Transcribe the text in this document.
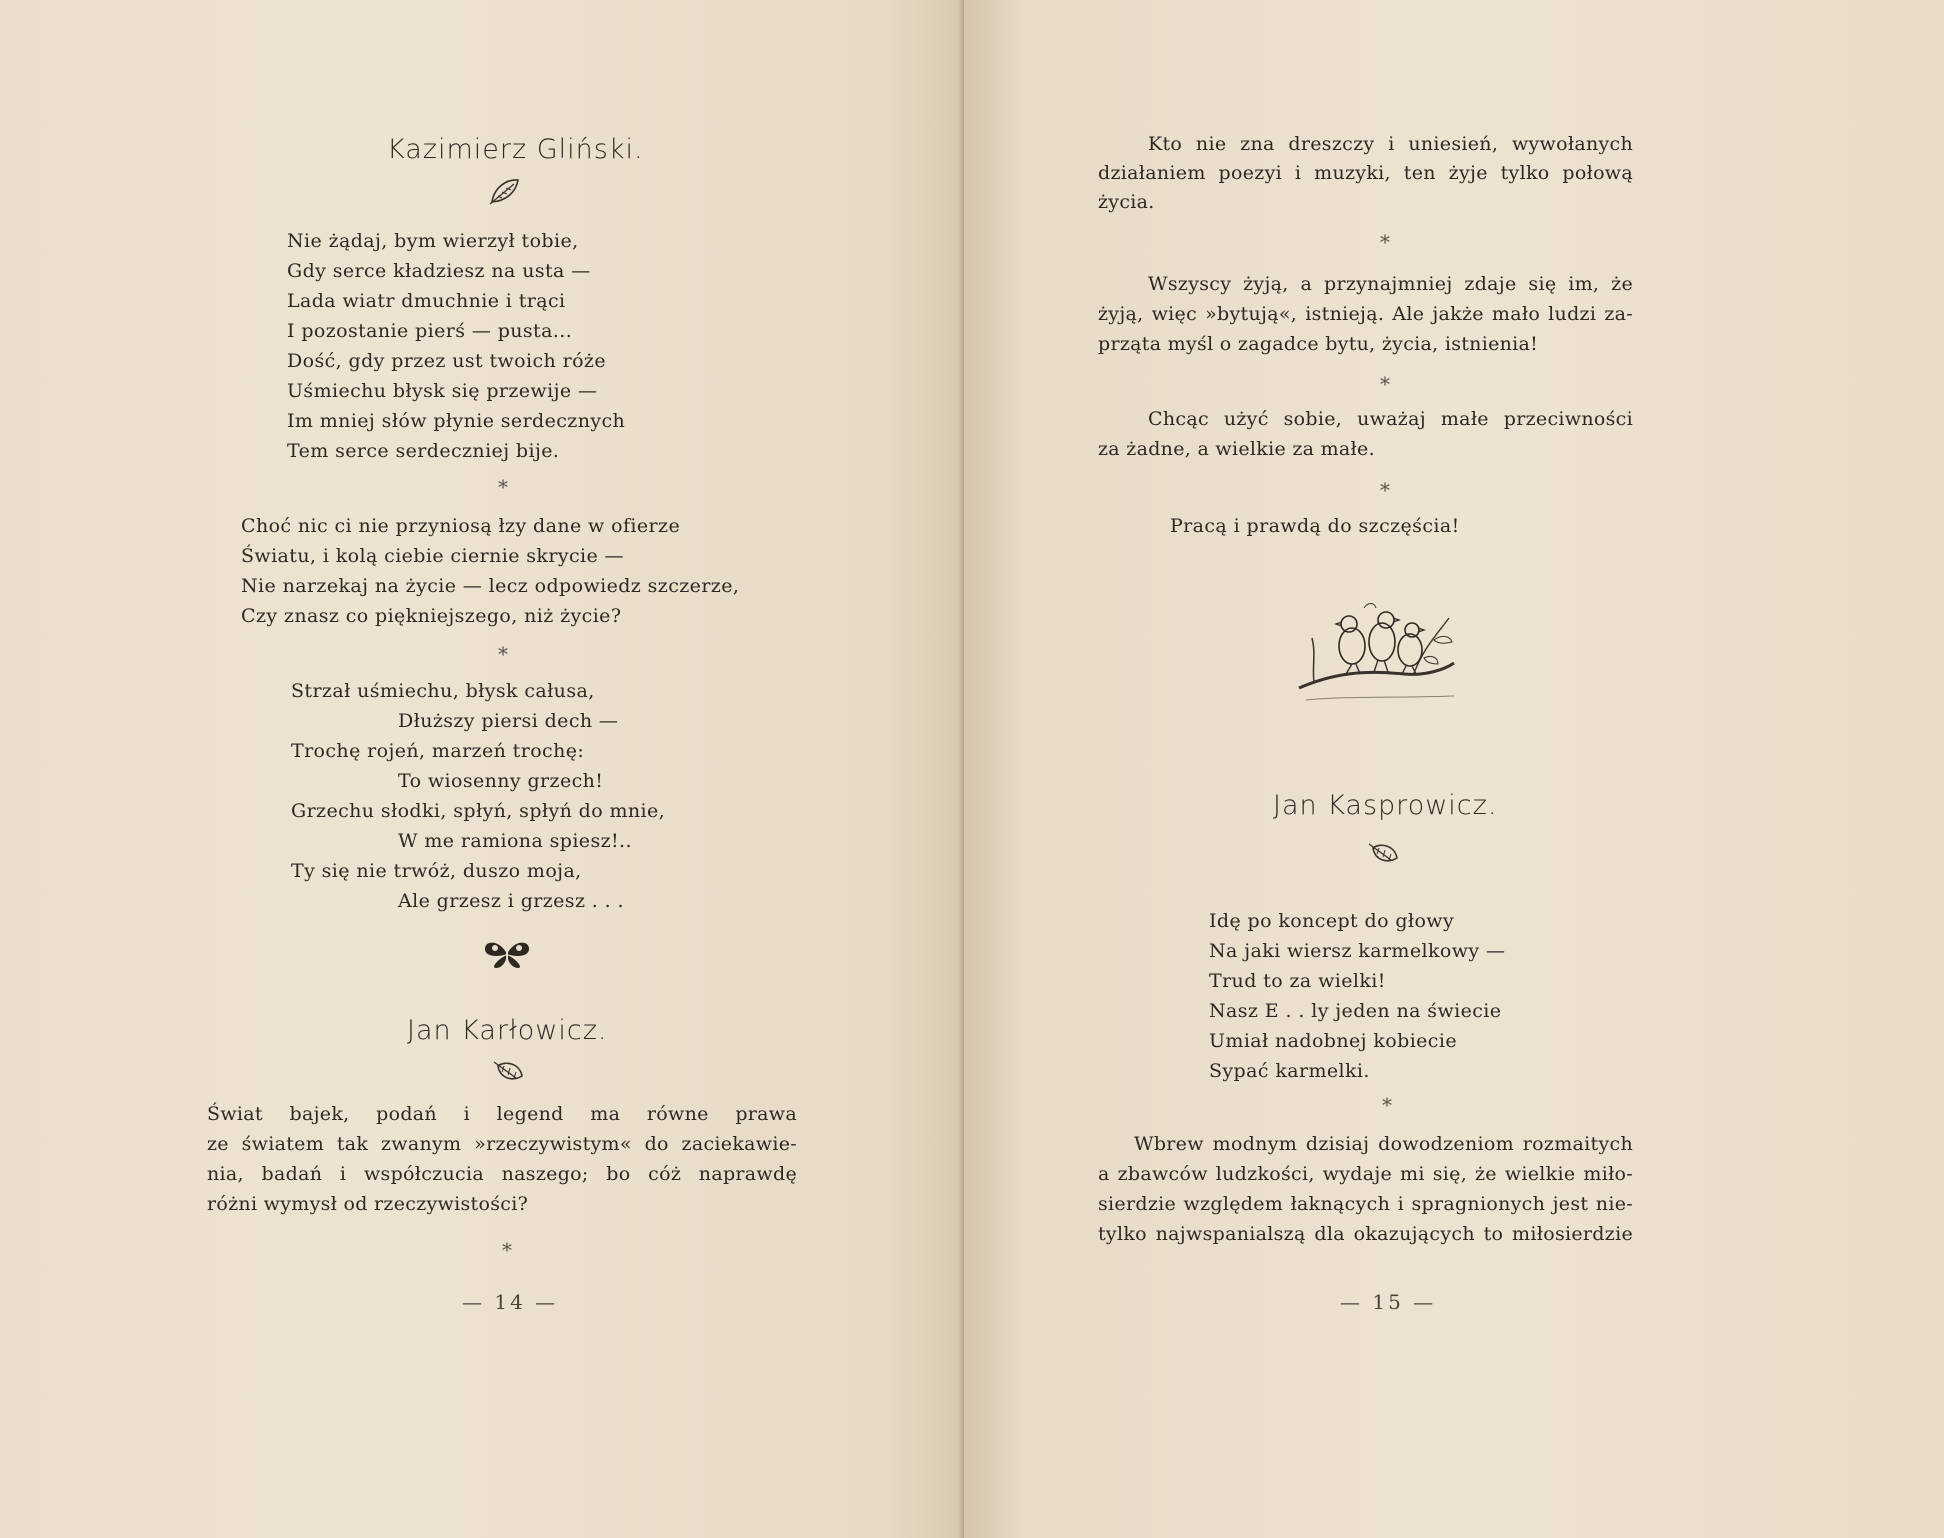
Kazimierz Gliński.
Nie żądaj, bym wierzył tobie,
Gdy serce kładziesz na usta —
Lada wiatr dmuchnie i trąci
I pozostanie pierś — pusta...
Dość, gdy przez ust twoich róże
Uśmiechu błysk się przewije —
Im mniej słów płynie serdecznych
Tem serce serdeczniej bije.
*
Choć nic ci nie przyniosą łzy dane w ofierze
Światu, i kolą ciebie ciernie skrycie —
Nie narzekaj na życie — lecz odpowiedz szczerze,
Czy znasz co piękniejszego, niż życie?
*
Strzał uśmiechu, błysk całusa,
Dłuższy piersi dech —
Trochę rojeń, marzeń trochę:
To wiosenny grzech!
Grzechu słodki, spłyń, spłyń do mnie,
W me ramiona spiesz!..
Ty się nie trwóż, duszo moja,
Ale grzesz i grzesz . . .
Jan Karłowicz.
Świat bajek, podań i legend ma równe prawa
ze światem tak zwanym »rzeczywistym« do zaciekawie-
nia, badań i współczucia naszego; bo cóż naprawdę
różni wymysł od rzeczywistości?
*
— 14 —
Kto nie zna dreszczy i uniesień, wywołanych
działaniem poezyi i muzyki, ten żyje tylko połową
życia.
*
Wszyscy żyją, a przynajmniej zdaje się im, że
żyją, więc »bytują«, istnieją. Ale jakże mało ludzi za-
prząta myśl o zagadce bytu, życia, istnienia!
*
Chcąc użyć sobie, uważaj małe przeciwności
za żadne, a wielkie za małe.
*
Pracą i prawdą do szczęścia!
Jan Kasprowicz.
Idę po koncept do głowy
Na jaki wiersz karmelkowy —
Trud to za wielki!
Nasz E . . ly jeden na świecie
Umiał nadobnej kobiecie
Sypać karmelki.
*
Wbrew modnym dzisiaj dowodzeniom rozmaitych
a zbawców ludzkości, wydaje mi się, że wielkie miło-
sierdzie względem łaknących i spragnionych jest nie-
tylko najwspanialszą dla okazujących to miłosierdzie
— 15 —
